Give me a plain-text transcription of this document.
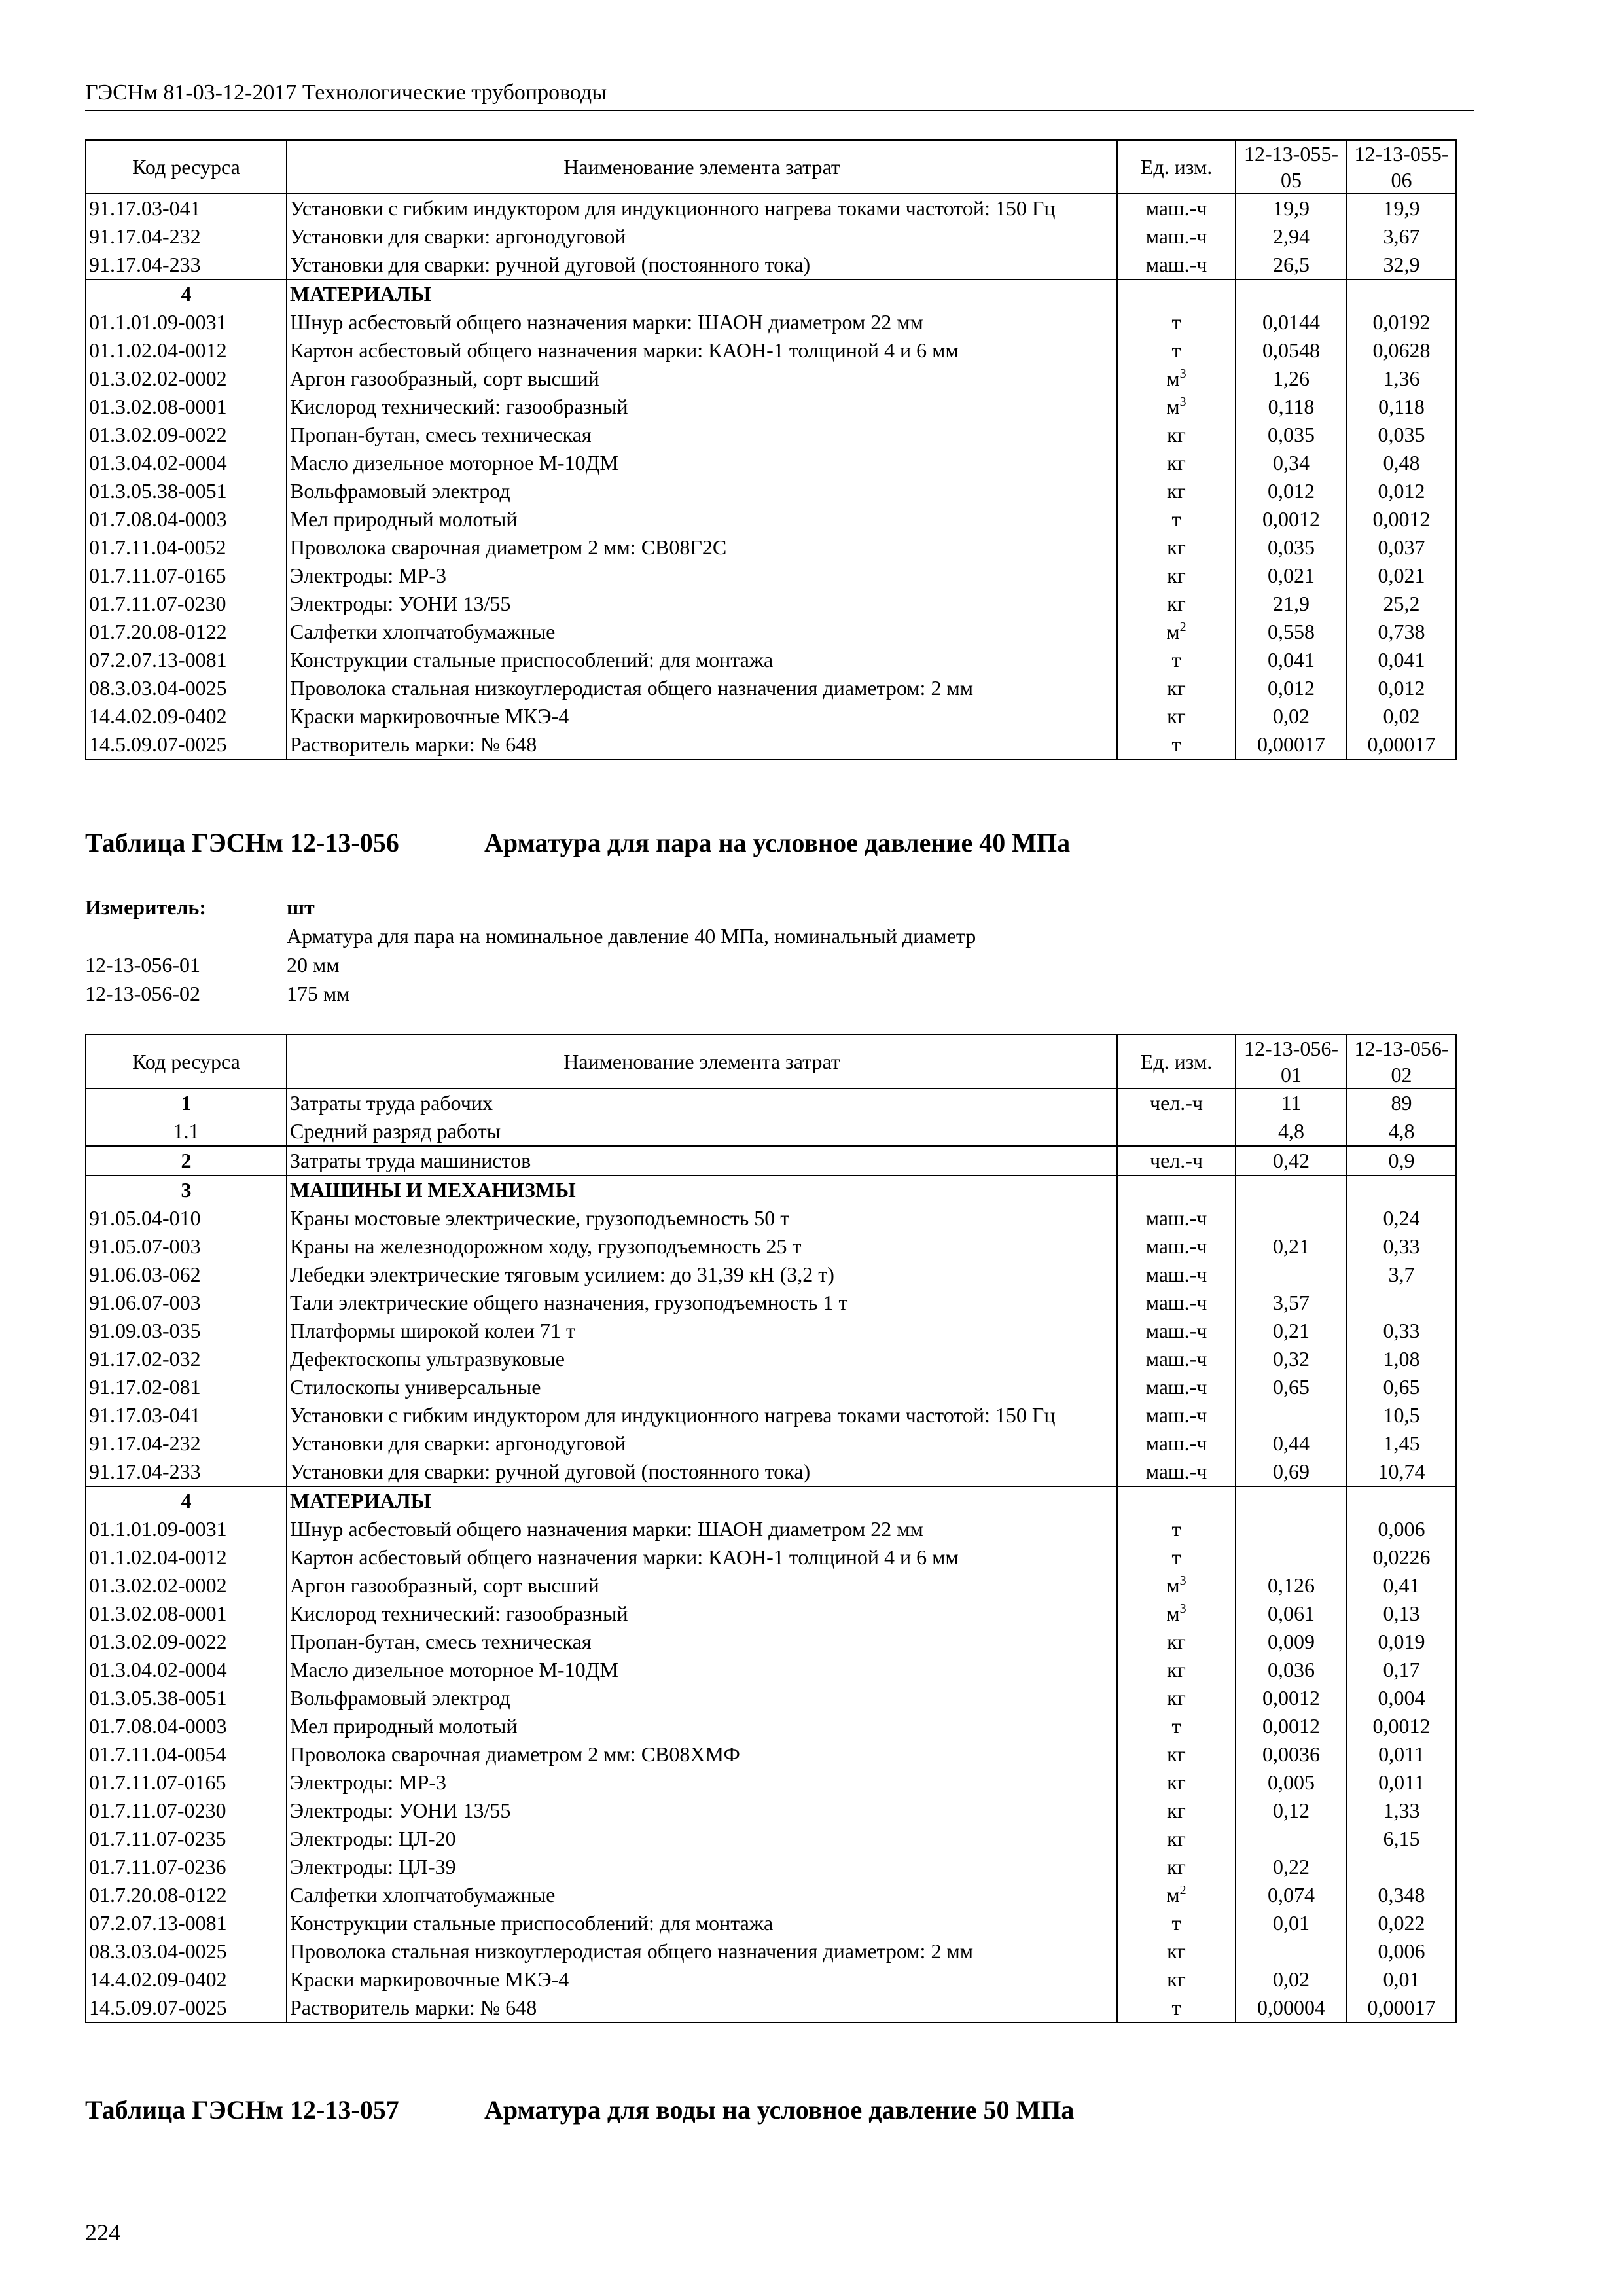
ГЭСНм 81-03-12-2017 Технологические трубопроводы
Код ресурса	Наименование элемента затрат	Ед. изм.	12-13-055-
05	12-13-055-
06
91.17.03-041	Установки с гибким индуктором для индукционного нагрева токами частотой: 150 Гц	маш.-ч	19,9	19,9
91.17.04-232	Установки для сварки: аргонодуговой	маш.-ч	2,94	3,67
91.17.04-233	Установки для сварки: ручной дуговой (постоянного тока)	маш.-ч	26,5	32,9
4	МАТЕРИАЛЫ			
01.1.01.09-0031	Шнур асбестовый общего назначения марки: ШАОН диаметром 22 мм	т	0,0144	0,0192
01.1.02.04-0012	Картон асбестовый общего назначения марки: КАОН-1 толщиной 4 и 6 мм	т	0,0548	0,0628
01.3.02.02-0002	Аргон газообразный, сорт высший	$м^3$	1,26	1,36
01.3.02.08-0001	Кислород технический: газообразный	$м^3$	0,118	0,118
01.3.02.09-0022	Пропан-бутан, смесь техническая	кг	0,035	0,035
01.3.04.02-0004	Масло дизельное моторное М-10ДМ	кг	0,34	0,48
01.3.05.38-0051	Вольфрамовый электрод	кг	0,012	0,012
01.7.08.04-0003	Мел природный молотый	т	0,0012	0,0012
01.7.11.04-0052	Проволока сварочная диаметром 2 мм: СВ08Г2С	кг	0,035	0,037
01.7.11.07-0165	Электроды: МР-3	кг	0,021	0,021
01.7.11.07-0230	Электроды: УОНИ 13/55	кг	21,9	25,2
01.7.20.08-0122	Салфетки хлопчатобумажные	$м^2$	0,558	0,738
07.2.07.13-0081	Конструкции стальные приспособлений: для монтажа	т	0,041	0,041
08.3.03.04-0025	Проволока стальная низкоуглеродистая общего назначения диаметром: 2 мм	кг	0,012	0,012
14.4.02.09-0402	Краски маркировочные МКЭ-4	кг	0,02	0,02
14.5.09.07-0025	Растворитель марки: № 648	т	0,00017	0,00017
Таблица ГЭСНм 12-13-056	Арматура для пара на условное давление 40 МПа
Измеритель:	шт
Арматура для пара на номинальное давление 40 МПа, номинальный диаметр
12-13-056-01	20 мм
12-13-056-02	175 мм
Код ресурса	Наименование элемента затрат	Ед. изм.	12-13-056-
01	12-13-056-
02
1	Затраты труда рабочих	чел.-ч	11	89
1.1	Средний разряд работы		4,8	4,8
2	Затраты труда машинистов	чел.-ч	0,42	0,9
3	МАШИНЫ И МЕХАНИЗМЫ			
91.05.04-010	Краны мостовые электрические, грузоподъемность 50 т	маш.-ч		0,24
91.05.07-003	Краны на железнодорожном ходу, грузоподъемность 25 т	маш.-ч	0,21	0,33
91.06.03-062	Лебедки электрические тяговым усилием: до 31,39 кН (3,2 т)	маш.-ч		3,7
91.06.07-003	Тали электрические общего назначения, грузоподъемность 1 т	маш.-ч	3,57	
91.09.03-035	Платформы широкой колеи 71 т	маш.-ч	0,21	0,33
91.17.02-032	Дефектоскопы ультразвуковые	маш.-ч	0,32	1,08
91.17.02-081	Стилоскопы универсальные	маш.-ч	0,65	0,65
91.17.03-041	Установки с гибким индуктором для индукционного нагрева токами частотой: 150 Гц	маш.-ч		10,5
91.17.04-232	Установки для сварки: аргонодуговой	маш.-ч	0,44	1,45
91.17.04-233	Установки для сварки: ручной дуговой (постоянного тока)	маш.-ч	0,69	10,74
4	МАТЕРИАЛЫ			
01.1.01.09-0031	Шнур асбестовый общего назначения марки: ШАОН диаметром 22 мм	т		0,006
01.1.02.04-0012	Картон асбестовый общего назначения марки: КАОН-1 толщиной 4 и 6 мм	т		0,0226
01.3.02.02-0002	Аргон газообразный, сорт высший	$м^3$	0,126	0,41
01.3.02.08-0001	Кислород технический: газообразный	$м^3$	0,061	0,13
01.3.02.09-0022	Пропан-бутан, смесь техническая	кг	0,009	0,019
01.3.04.02-0004	Масло дизельное моторное М-10ДМ	кг	0,036	0,17
01.3.05.38-0051	Вольфрамовый электрод	кг	0,0012	0,004
01.7.08.04-0003	Мел природный молотый	т	0,0012	0,0012
01.7.11.04-0054	Проволока сварочная диаметром 2 мм: СВ08ХМФ	кг	0,0036	0,011
01.7.11.07-0165	Электроды: МР-3	кг	0,005	0,011
01.7.11.07-0230	Электроды: УОНИ 13/55	кг	0,12	1,33
01.7.11.07-0235	Электроды: ЦЛ-20	кг		6,15
01.7.11.07-0236	Электроды: ЦЛ-39	кг	0,22	
01.7.20.08-0122	Салфетки хлопчатобумажные	$м^2$	0,074	0,348
07.2.07.13-0081	Конструкции стальные приспособлений: для монтажа	т	0,01	0,022
08.3.03.04-0025	Проволока стальная низкоуглеродистая общего назначения диаметром: 2 мм	кг		0,006
14.4.02.09-0402	Краски маркировочные МКЭ-4	кг	0,02	0,01
14.5.09.07-0025	Растворитель марки: № 648	т	0,00004	0,00017
Таблица ГЭСНм 12-13-057	Арматура для воды на условное давление 50 МПа
224
